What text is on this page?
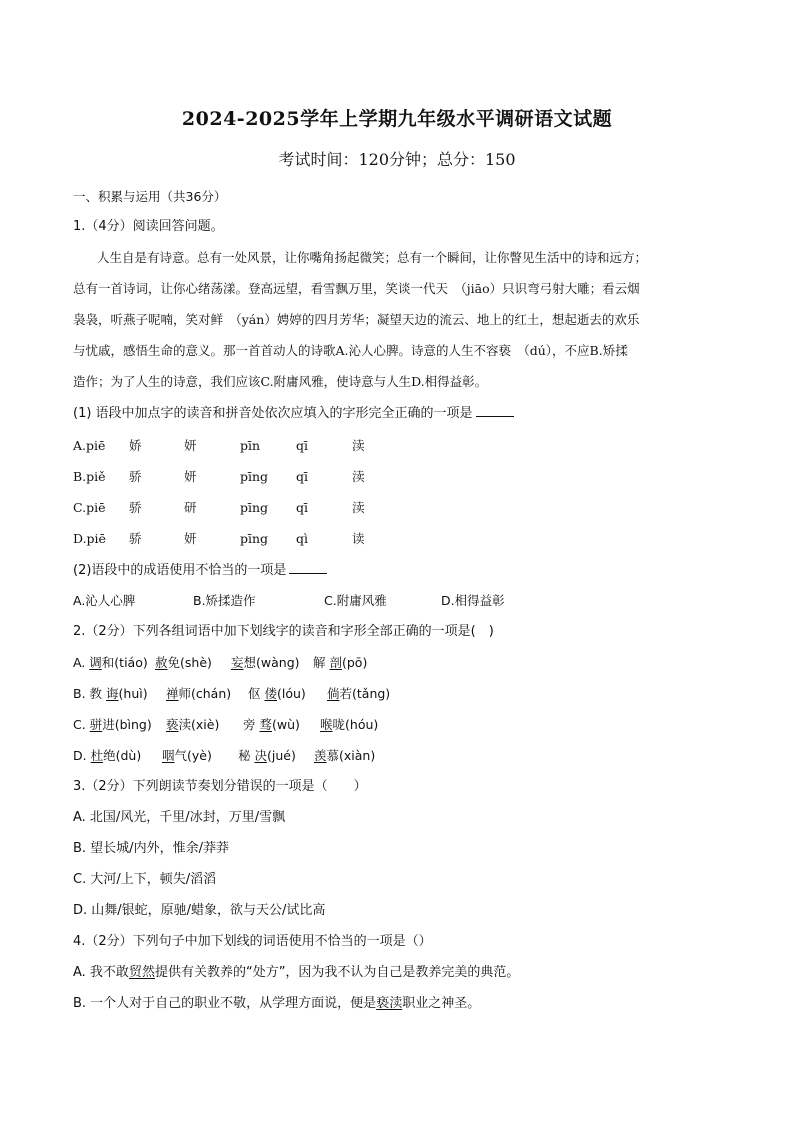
2024-2025学年上学期九年级水平调研语文试题
考试时间：120分钟；总分：150
一、积累与运用（共36分）
1.（4分）阅读回答问题。
人生自是有诗意。总有一处风景，让你嘴角扬起微笑；总有一个瞬间，让你瞥见生活中的诗和远方；
总有一首诗词，让你心绪荡漾。登高远望，看雪飘万里，笑谈一代天　（jiāo）只识弯弓射大雕；看云烟
袅袅，听燕子呢喃，笑对鲜　（yán）娉婷的四月芳华；凝望天边的流云、地上的红土，想起逝去的欢乐
与忧戚，感悟生命的意义。那一首首动人的诗歌A.沁人心脾。诗意的人生不容亵　（dú），不应B.矫揉
造作；为了人生的诗意，我们应该C.附庸风雅，使诗意与人生D.相得益彰。
(1) 语段中加点字的读音和拼音处依次应填入的字形完全正确的一项是
A.piē 娇	妍	pīn	qī	渎
B.piě 骄	妍	pīng qī	渎
C.piē 骄	研	pīng qī	渎
D.piē 骄	妍	pīng qì	读
(2)语段中的成语使用不恰当的一项是
A.沁人心脾	B.矫揉造作	C.附庸风雅	D.相得益彰
2.（2分）下列各组词语中加下划线字的读音和字形全部正确的一项是(　)
A. 调和(tiáo) 赦免(shè) 妄想(wàng) 解 剖(pō)
B. 教 诲(huì) 禅师(chán) 伛 偻(lóu) 倘若(tǎng)
C. 骈进(bìng) 亵渎(xiè) 旁 骛(wù) 喉咙(hóu)
D. 杜绝(dù) 咽气(yè) 秘 决(jué) 羡慕(xiàn)
3.（2分）下列朗读节奏划分错误的一项是（　　）
A. 北国/风光，千里/冰封，万里/雪飘
B. 望长城/内外，惟余/莽莽
C. 大河/上下，顿失/滔滔
D. 山舞/银蛇，原驰/蜡象，欲与天公/试比高
4.（2分）下列句子中加下划线的词语使用不恰当的一项是（）
A. 我不敢贸然提供有关教养的“处方”，因为我不认为自己是教养完美的典范。
B. 一个人对于自己的职业不敬，从学理方面说，便是亵渎职业之神圣。
